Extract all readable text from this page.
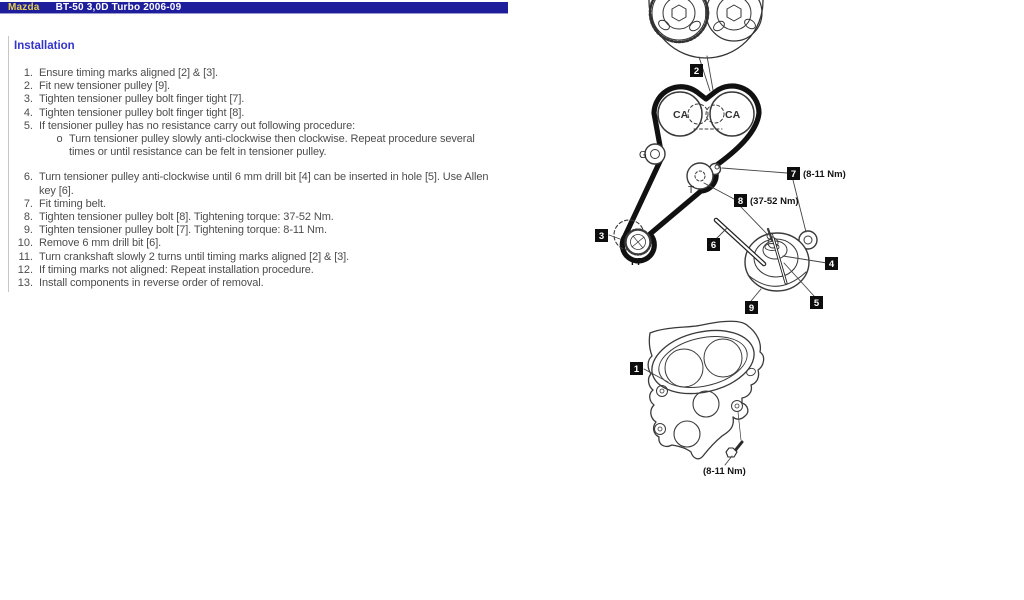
Mazda BT-50 3,0D Turbo 2006-09
Installation
1. Ensure timing marks aligned [2] & [3].
2. Fit new tensioner pulley [9].
3. Tighten tensioner pulley bolt finger tight [7].
4. Tighten tensioner pulley bolt finger tight [8].
5. If tensioner pulley has no resistance carry out following procedure:
o Turn tensioner pulley slowly anti-clockwise then clockwise. Repeat procedure several times or until resistance can be felt in tensioner pulley.
6. Turn tensioner pulley anti-clockwise until 6 mm drill bit [4] can be inserted in hole [5]. Use Allen key [6].
7. Fit timing belt.
8. Tighten tensioner pulley bolt [8]. Tightening torque: 37-52 Nm.
9. Tighten tensioner pulley bolt [7]. Tightening torque: 8-11 Nm.
10. Remove 6 mm drill bit [6].
11. Turn crankshaft slowly 2 turns until timing marks aligned [2] & [3].
12. If timing marks not aligned: Repeat installation procedure.
13. Install components in reverse order of removal.
CA	CA
G
T
FP
2
3
7
8
6
4
5
9
1
(8-11 Nm)
(37-52 Nm)
(8-11 Nm)
